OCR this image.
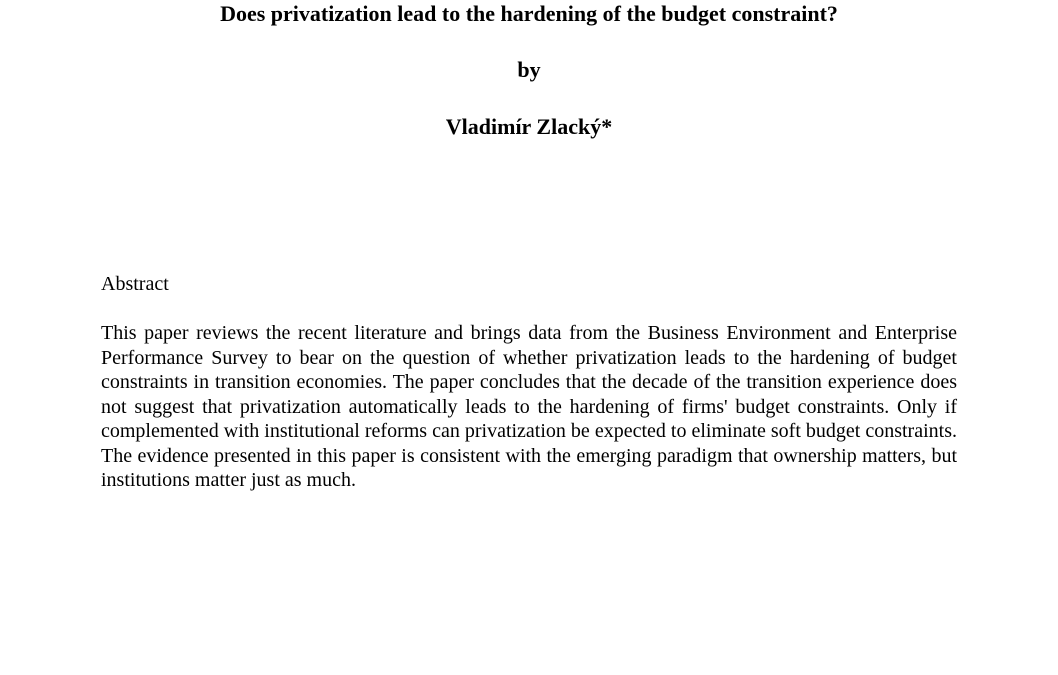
Does privatization lead to the hardening of the budget constraint?
by
Vladimír Zlacký*
Abstract

This paper reviews the recent literature and brings data from the Business Environment and Enterprise Performance Survey to bear on the question of whether privatization leads to the hardening of budget constraints in transition economies. The paper concludes that the decade of the transition experience does not suggest that privatization automatically leads to the hardening of firms' budget constraints. Only if complemented with institutional reforms can privatization be expected to eliminate soft budget constraints. The evidence presented in this paper is consistent with the emerging paradigm that ownership matters, but institutions matter just as much.
